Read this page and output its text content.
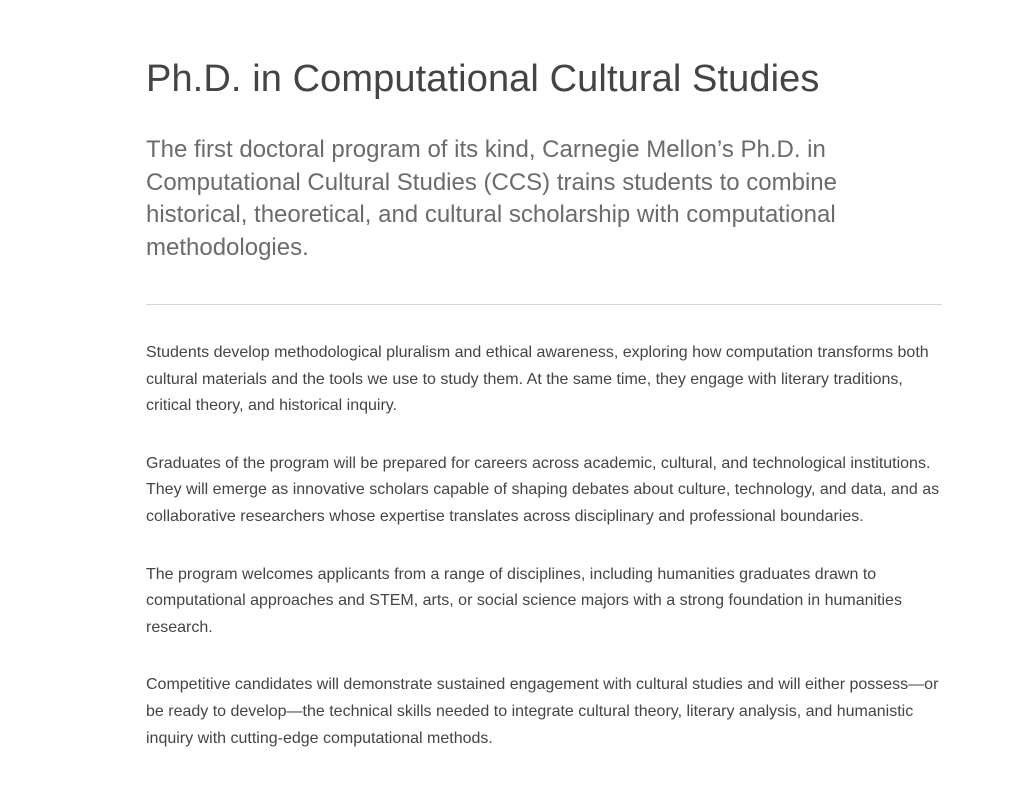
Ph.D. in Computational Cultural Studies

The first doctoral program of its kind, Carnegie Mellon’s Ph.D. in Computational Cultural Studies (CCS) trains students to combine historical, theoretical, and cultural scholarship with computational methodologies.

Students develop methodological pluralism and ethical awareness, exploring how computation transforms both cultural materials and the tools we use to study them. At the same time, they engage with literary traditions, critical theory, and historical inquiry.

Graduates of the program will be prepared for careers across academic, cultural, and technological institutions. They will emerge as innovative scholars capable of shaping debates about culture, technology, and data, and as collaborative researchers whose expertise translates across disciplinary and professional boundaries.

The program welcomes applicants from a range of disciplines, including humanities graduates drawn to computational approaches and STEM, arts, or social science majors with a strong foundation in humanities research.

Competitive candidates will demonstrate sustained engagement with cultural studies and will either possess—or be ready to develop—the technical skills needed to integrate cultural theory, literary analysis, and humanistic inquiry with cutting-edge computational methods.
